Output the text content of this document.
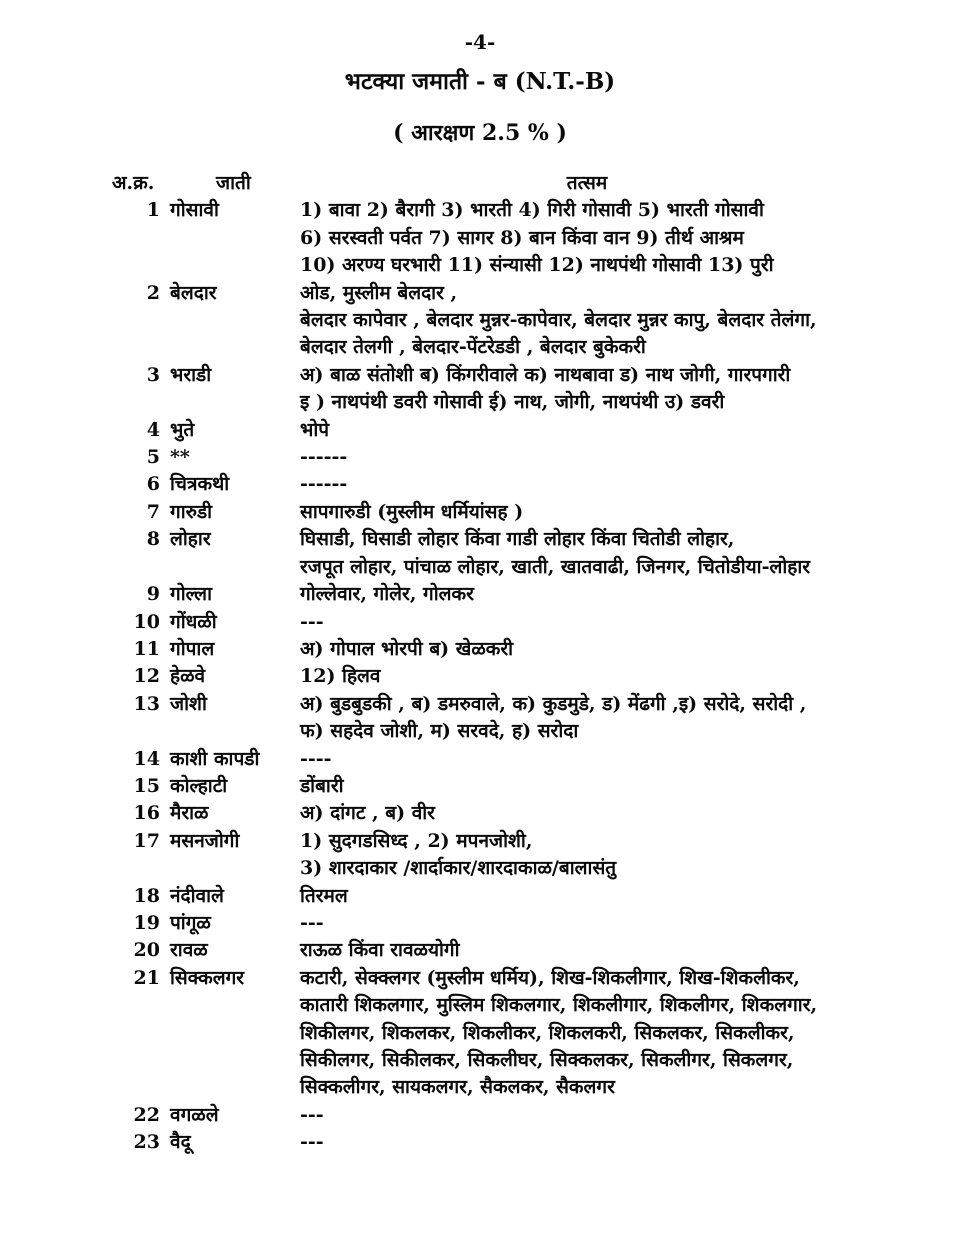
-4-
भटक्या जमाती - ब (N.T.-B)
( आरक्षण 2.5 % )
अ.क्र.	जाती	तत्सम
1 गोसावी	1) बावा 2) बैरागी 3) भारती 4) गिरी गोसावी 5) भारती गोसावी
6) सरस्वती पर्वत 7) सागर 8) बान किंवा वान 9) तीर्थ आश्रम
10) अरण्य घरभारी 11) संन्यासी 12) नाथपंथी गोसावी 13) पुरी
2 बेलदार	ओड, मुस्लीम बेलदार ,
बेलदार कापेवार , बेलदार मुन्नर-कापेवार, बेलदार मुन्नर कापु, बेलदार तेलंगा,
बेलदार तेलगी , बेलदार-पेंटरेडडी , बेलदार बुकेकरी
3 भराडी	अ) बाळ संतोशी ब) किंगरीवाले क) नाथबावा ड) नाथ जोगी, गारपगारी
इ ) नाथपंथी डवरी गोसावी ई) नाथ, जोगी, नाथपंथी उ) डवरी
4 भुते	भोपे
5 **	------
6 चित्रकथी	------
7 गारुडी	सापगारुडी (मुस्लीम धर्मियांसह )
8 लोहार	घिसाडी, घिसाडी लोहार किंवा गाडी लोहार किंवा चितोडी लोहार,
रजपूत लोहार, पांचाळ लोहार, खाती, खातवाढी, जिनगर, चितोडीया-लोहार
9 गोल्ला	गोल्लेवार, गोलेर, गोलकर
10 गोंधळी	---
11 गोपाल	अ) गोपाल भोरपी ब) खेळकरी
12 हेळवे	12) हिलव
13 जोशी	अ) बुडबुडकी , ब) डमरुवाले, क) कुडमुडे, ड) मेंढगी ,इ) सरोदे, सरोदी ,
फ) सहदेव जोशी, म) सरवदे, ह) सरोदा
14 काशी कापडी	----
15 कोल्हाटी	डोंबारी
16 मैराळ	अ) दांगट , ब) वीर
17 मसनजोगी	1) सुदगडसिध्द , 2) मपनजोशी,
3) शारदाकार /शार्दाकार/शारदाकाळ/बालासंतु
18 नंदीवाले	तिरमल
19 पांगूळ	---
20 रावळ	राऊळ किंवा रावळयोगी
21 सिक्कलगर	कटारी, सेक्क्लगर (मुस्लीम धर्मिय), शिख-शिकलीगार, शिख-शिकलीकर,
कातारी शिकलगार, मुस्लिम शिकलगार, शिकलीगार, शिकलीगर, शिकलगार,
शिकीलगर, शिकलकर, शिकलीकर, शिकलकरी, सिकलकर, सिकलीकर,
सिकीलगर, सिकीलकर, सिकलीघर, सिक्कलकर, सिकलीगर, सिकलगर,
सिक्कलीगर, सायकलगर, सैकलकर, सैकलगर
22 वगळले	---
23 वैदू	---
